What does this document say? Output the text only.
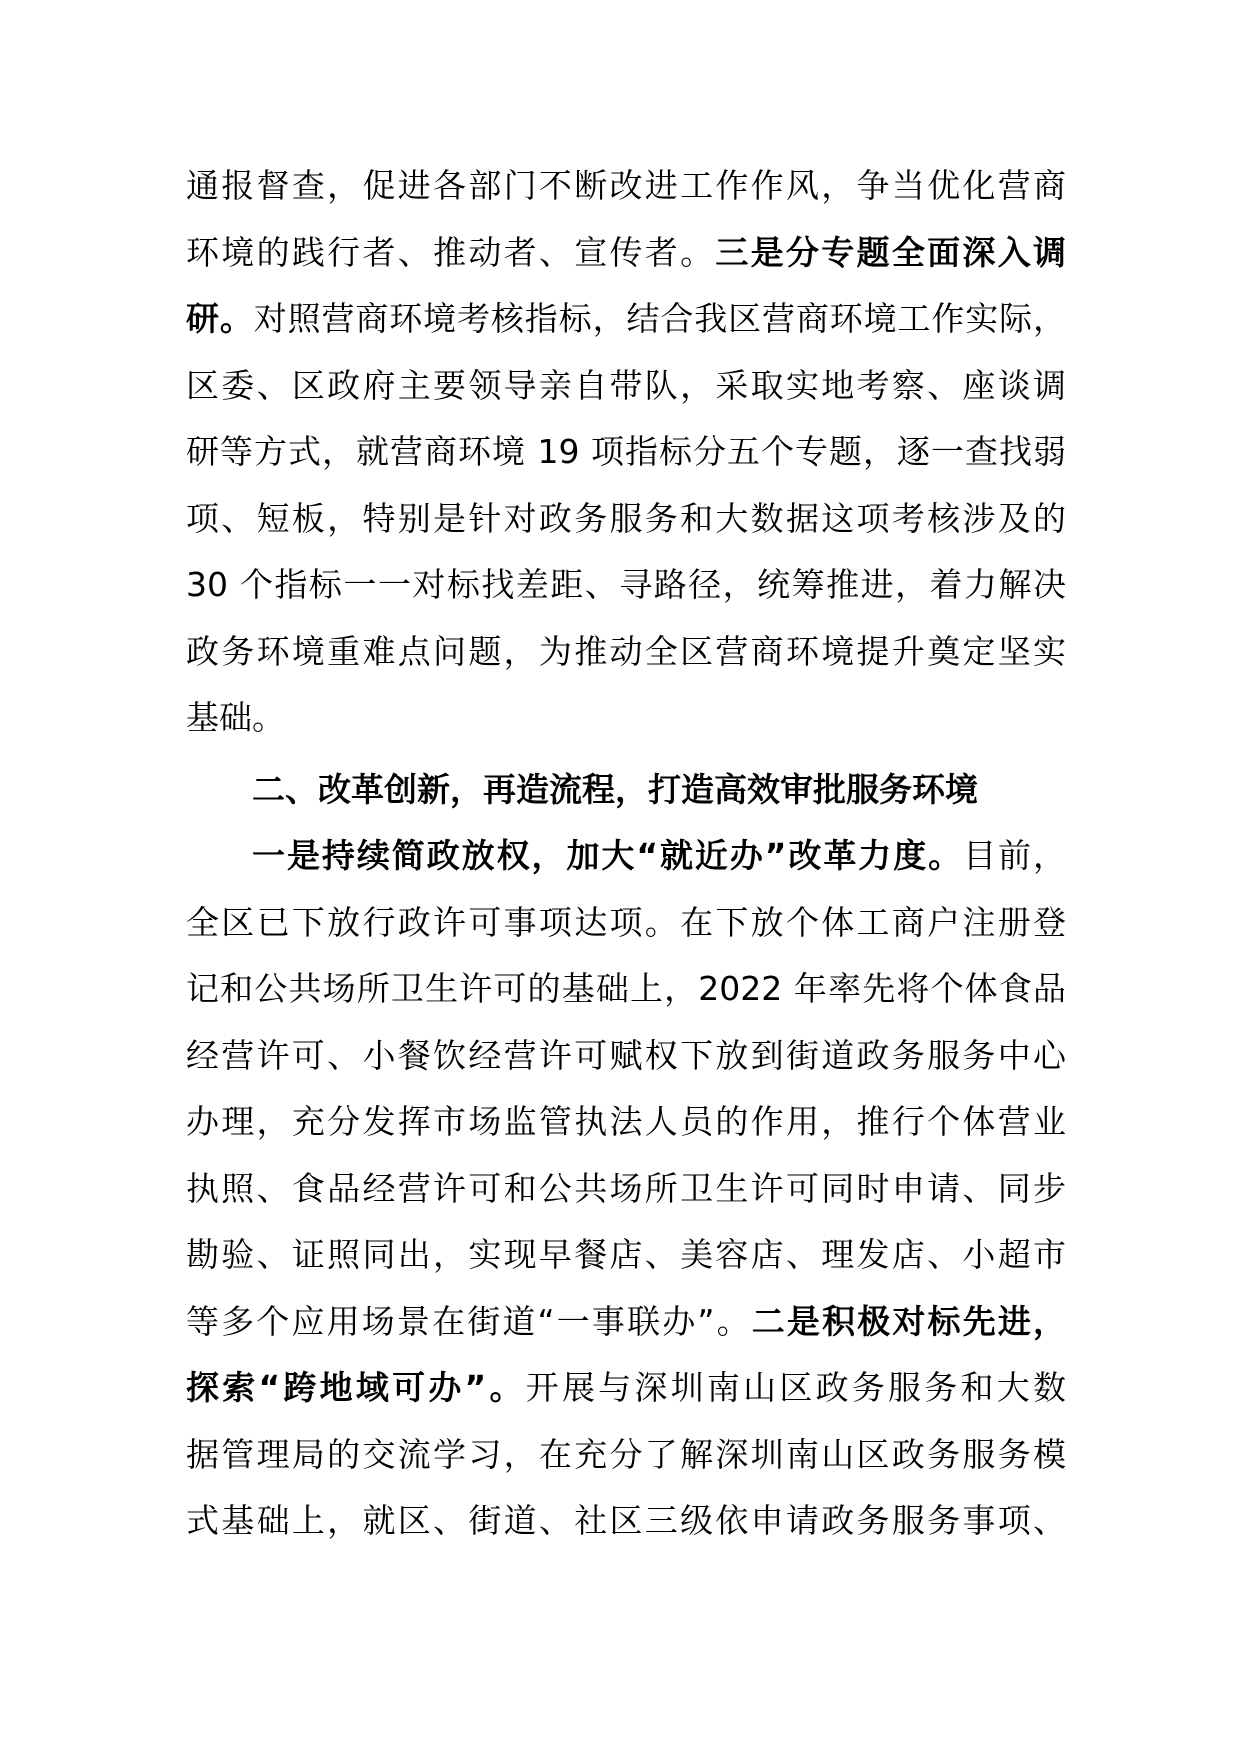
通报督查，促进各部门不断改进工作作风，争当优化营商
环境的践行者、推动者、宣传者。三是分专题全面深入调
研。对照营商环境考核指标，结合我区营商环境工作实际，
区委、区政府主要领导亲自带队，采取实地考察、座谈调
研等方式，就营商环境 19 项指标分五个专题，逐一查找弱
项、短板，特别是针对政务服务和大数据这项考核涉及的
30 个指标一一对标找差距、寻路径，统筹推进，着力解决
政务环境重难点问题，为推动全区营商环境提升奠定坚实
基础。
二、改革创新，再造流程，打造高效审批服务环境
一是持续简政放权，加大“就近办”改革力度。目前，
全区已下放行政许可事项达项。在下放个体工商户注册登
记和公共场所卫生许可的基础上，2022 年率先将个体食品
经营许可、小餐饮经营许可赋权下放到街道政务服务中心
办理，充分发挥市场监管执法人员的作用，推行个体营业
执照、食品经营许可和公共场所卫生许可同时申请、同步
勘验、证照同出，实现早餐店、美容店、理发店、小超市
等多个应用场景在街道“一事联办”。二是积极对标先进，
探索“跨地域可办”。开展与深圳南山区政务服务和大数
据管理局的交流学习，在充分了解深圳南山区政务服务模
式基础上，就区、街道、社区三级依申请政务服务事项、
